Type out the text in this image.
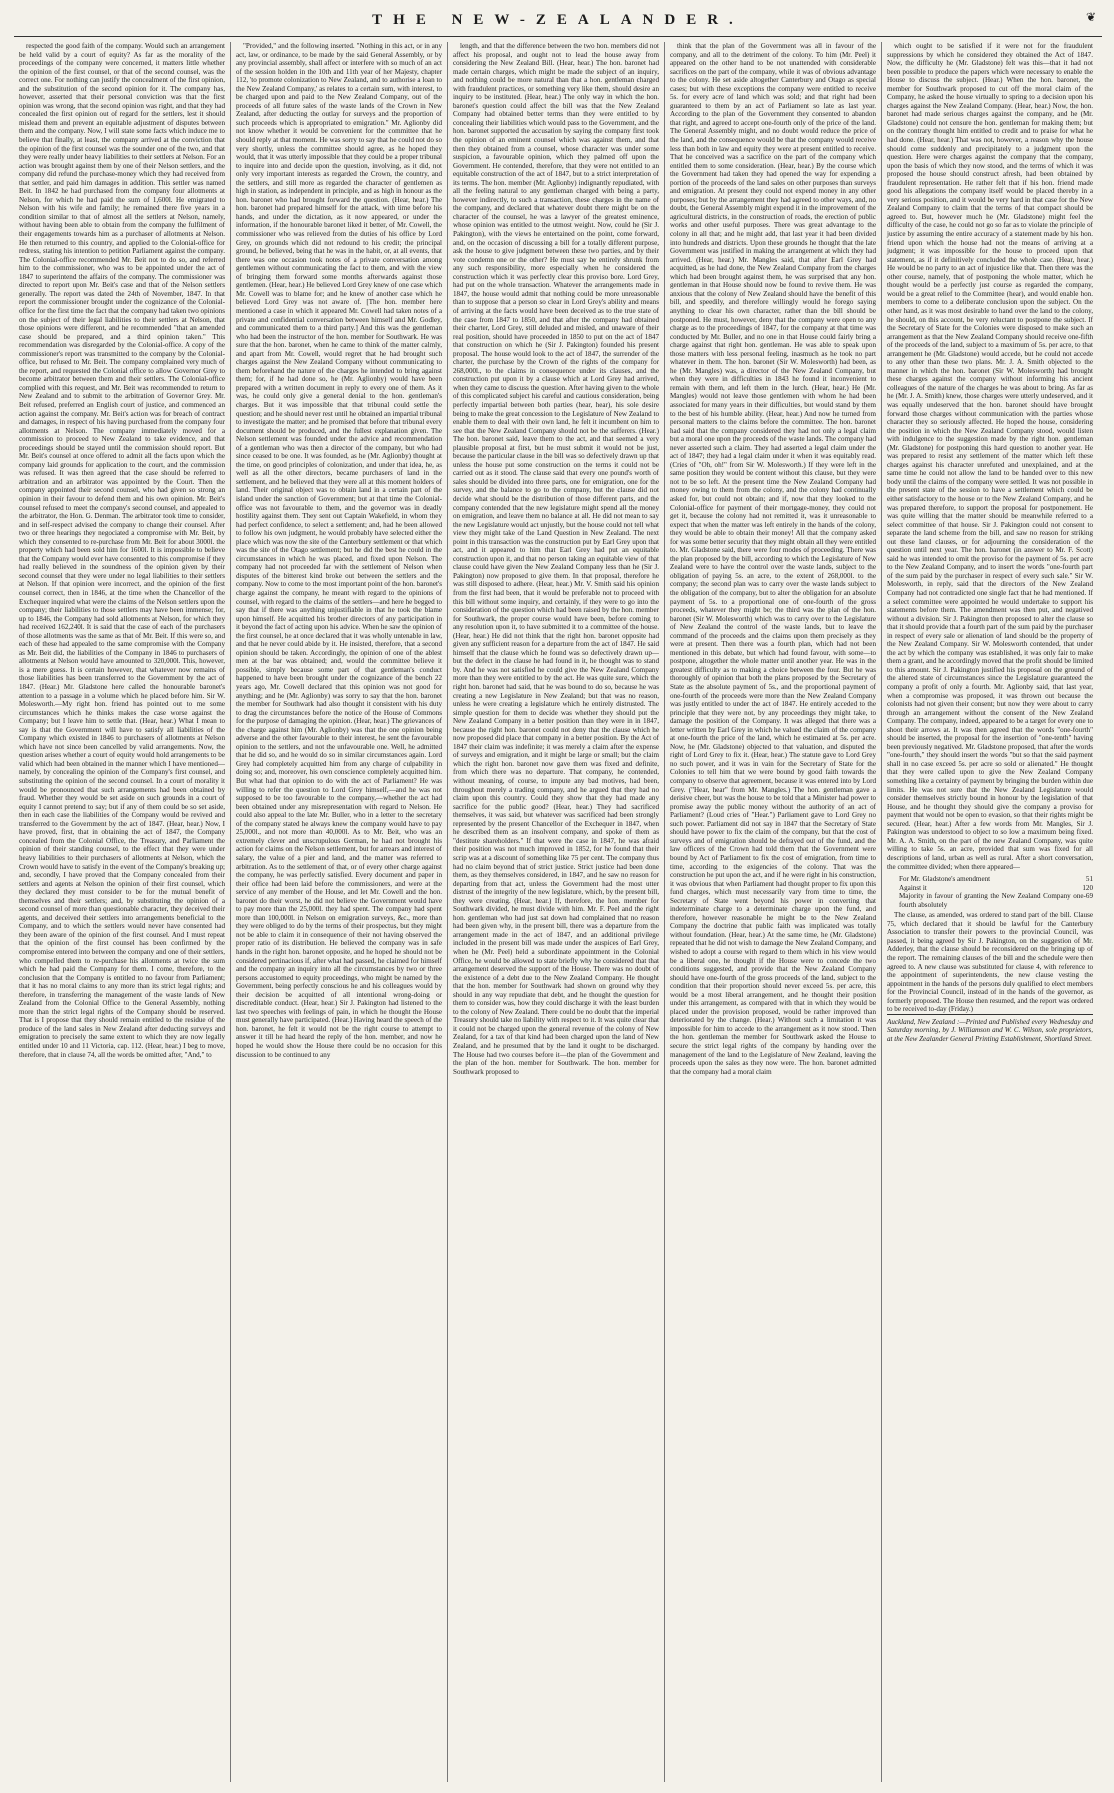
THE NEW-ZEALANDER.	❦

respected the good faith of the company. Would such an arrangement be held valid by a court of equity? As far as the morality of the proceedings of the company were concerned, it matters little whether the opinion of the first counsel, or that of the second counsel, was the correct one. For nothing can justify the concealment of the first opinion, and the substitution of the second opinion for it. The company has, however, asserted that their personal conviction was that the first opinion was wrong, that the second opinion was right, and that they had concealed the first opinion out of regard for the settlers, lest it should mislead them and prevent an equitable adjustment of disputes between them and the company. Now, I will state some facts which induce me to believe that finally, at least, the company arrived at the conviction that the opinion of the first counsel was the sounder one of the two, and that they were really under heavy liabilities to their settlers at Nelson. For an action was brought against them by one of their Nelson settlers, and the company did refund the purchase-money which they had received from that settler, and paid him damages in addition. This settler was named Beit. In 1842 he had purchased from the company four allotments at Nelson, for which he had paid the sum of 1,600l. He emigrated to Nelson with his wife and family; he remained there five years in a condition similar to that of almost all the settlers at Nelson, namely, without having been able to obtain from the company the fulfilment of their engagements towards him as a purchaser of allotments at Nelson. He then returned to this country, and applied to the Colonial-office for redress, stating his intention to petition Parliament against the company. The Colonial-office recommended Mr. Beit not to do so, and referred him to the commissioner, who was to be appointed under the act of 1847 to superintend the affairs of the company. The commissioner was directed to report upon Mr. Beit's case and that of the Nelson settlers generally. The report was dated the 24th of November, 1847. In that report the commissioner brought under the cognizance of the Colonial-office for the first time the fact that the company had taken two opinions on the subject of their legal liabilities to their settlers at Nelson, that those opinions were different, and he recommended "that an amended case should be prepared, and a third opinion taken." This recommendation was disregarded by the Colonial-office. A copy of the commissioner's report was transmitted to the company by the Colonial-office, but refused to Mr. Beit. The company complained very much of the report, and requested the Colonial office to allow Governor Grey to become arbitrator between them and their settlers. The Colonial-office complied with this request, and Mr. Beit was recommended to return to New Zealand and to submit to the arbitration of Governor Grey. Mr. Beit refused, preferred an English court of justice, and commenced an action against the company. Mr. Beit's action was for breach of contract and damages, in respect of his having purchased from the company four allotments at Nelson. The company immediately moved for a commission to proceed to New Zealand to take evidence, and that proceedings should be stayed until the commission should report. But Mr. Beit's counsel at once offered to admit all the facts upon which the company laid grounds for application to the court, and the commission was refused. It was then agreed that the case should be referred to arbitration and an arbitrator was appointed by the Court. Then the company appointed their second counsel, who had given so strong an opinion in their favour to defend them and his own opinion. Mr. Beit's counsel refused to meet the company's second counsel, and appealed to the arbitrator, the Hon. G. Denman. The arbitrator took time to consider, and in self-respect advised the company to change their counsel. After two or three hearings they negociated a compromise with Mr. Beit, by which they consented to re-purchase from Mr. Beit for about 3000l. the property which had been sold him for 1600l. It is impossible to believe that the Company would ever have consented to this compromise if they had really believed in the soundness of the opinion given by their second counsel that they were under no legal liabilities to their settlers at Nelson. If that opinion were incorrect, and the opinion of the first counsel correct, then in 1846, at the time when the Chancellor of the Exchequer inquired what were the claims of the Nelson settlers upon the company; their liabilities to those settlers may have been immense; for, up to 1846, the Company had sold allotments at Nelson, for which they had received 162,240l. It is said that the case of each of the purchasers of those allotments was the same as that of Mr. Beit. If this were so, and each of these had appealed to the same compromise with the Company as Mr. Beit did, the liabilities of the Company in 1846 to purchasers of allotments at Nelson would have amounted to 320,000l. This, however, is a mere guess. It is certain however, that whatever now remains of those liabilities has been transferred to the Government by the act of 1847. (Hear.) Mr. Gladstone here called the honourable baronet's attention to a passage in a volume which he placed before him. Sir W. Molesworth.—My right hon. friend has pointed out to me some circumstances which he thinks makes the case worse against the Company; but I leave him to settle that. (Hear, hear.) What I mean to say is that the Government will have to satisfy all liabilities of the Company which existed in 1846 to purchasers of allotments at Nelson which have not since been cancelled by valid arrangements. Now, the question arises whether a court of equity would hold arrangements to be valid which had been obtained in the manner which I have mentioned—namely, by concealing the opinion of the Company's first counsel, and substituting the opinion of the second counsel. In a court of morality it would be pronounced that such arrangements had been obtained by fraud. Whether they would be set aside on such grounds in a court of equity I cannot pretend to say; but if any of them could be so set aside, then in each case the liabilities of the Company would be revived and transferred to the Government by the act of 1847. (Hear, hear.) Now, I have proved, first, that in obtaining the act of 1847, the Company concealed from the Colonial Office, the Treasury, and Parliament the opinion of their standing counsel, to the effect that they were under heavy liabilities to their purchasers of allotments at Nelson, which the Crown would have to satisfy in the event of the Company's breaking up; and, secondly, I have proved that the Company concealed from their settlers and agents at Nelson the opinion of their first counsel, which they declared they must consider to be for the mutual benefit of themselves and their settlers; and, by substituting the opinion of a second counsel of more than questionable character, they deceived their agents, and deceived their settlers into arrangements beneficial to the Company, and to which the settlers would never have consented had they been aware of the opinion of the first counsel. And I must repeat that the opinion of the first counsel has been confirmed by the compromise entered into between the company and one of their settlers, who compelled them to re-purchase his allotments at twice the sum which he had paid the Company for them. I come, therefore, to the conclusion that the Company is entitled to no favour from Parliament; that it has no moral claims to any more than its strict legal rights; and therefore, in transferring the management of the waste lands of New Zealand from the Colonial Office to the General Assembly, nothing more than the strict legal rights of the Company should be reserved. That is I propose that they should remain entitled to the residue of the produce of the land sales in New Zealand after deducting surveys and emigration to precisely the same extent to which they are now legally entitled under 10 and 11 Victoria, cap. 112. (Hear, hear.) I beg to move, therefore, that in clause 74, all the words be omitted after, "And," to

"Provided," and the following inserted. "Nothing in this act, or in any act, law, or ordinance, to be made by the said General Assembly, or by any provincial assembly, shall affect or interfere with so much of an act of the session holden in the 10th and 11th year of her Majesty, chapter 112, 'to promote colonization to New Zealand, and to authorise a loan to the New Zealand Company,' as relates to a certain sum, with interest, to be charged upon and paid to the New Zealand Company, out of the proceeds of all future sales of the waste lands of the Crown in New Zealand, after deducting the outlay for surveys and the proportion of such proceeds which is appropriated to emigration." Mr. Aglionby did not know whether it would be convenient for the committee that he should reply at that moment. He was sorry to say that he could not do so very shortly, unless the committee should agree, as he hoped they would, that it was utterly impossible that they could be a proper tribunal to inquire into and decide upon the question, involving, as it did, not only very important interests as regarded the Crown, the country, and the settlers, and still more as regarded the character of gentlemen as high in station, as independent in principle, and as high in honour as the hon. baronet who had brought forward the question. (Hear, hear.) The hon. baronet had prepared himself for the attack, with time before his hands, and under the dictation, as it now appeared, or under the information, if the honourable baronet liked it better, of Mr. Cowell, the commissioner who was relieved from the duties of his office by Lord Grey, on grounds which did not redound to his credit; the principal ground, he believed, being that he was in the habit, or, at all events, that there was one occasion took notes of a private conversation among gentlemen without communicating the fact to them, and with the view of bringing them forward some months afterwards against those gentlemen. (Hear, hear.) He believed Lord Grey knew of one case which Mr. Cowell was to blame for; and he knew of another case which he believed Lord Grey was not aware of. [The hon. member here mentioned a case in which it appeared Mr. Cowell had taken notes of a private and confidential conversation between himself and Mr. Godley, and communicated them to a third party.] And this was the gentleman who had been the instructor of the hon. member for Southwark. He was sure that the hon. baronet, when he came to think of the matter calmly, and apart from Mr. Cowell, would regret that he had brought such charges against the New Zealand Company without communicating to them beforehand the nature of the charges he intended to bring against them; for, if he had done so, he (Mr. Aglionby) would have been prepared with a written document in reply to every one of them. As it was, he could only give a general denial to the hon. gentleman's charges. But it was impossible that that tribunal could settle the question; and he should never rest until he obtained an impartial tribunal to investigate the matter; and he promised that before that tribunal every document should be produced, and the fullest explanation given. The Nelson settlement was founded under the advice and recommendation of a gentleman who was then a director of the company, but who had since ceased to be one. It was founded, as he (Mr. Aglionby) thought at the time, on good principles of colonization, and under that idea, he, as well as all the other directors, became purchasers of land in the settlement, and he believed that they were all at this moment holders of land. Their original object was to obtain land in a certain part of the island under the sanction of Government; but at that time the Colonial-office was not favourable to them, and the governor was in deadly hostility against them. They sent out Captain Wakefield, in whom they had perfect confidence, to select a settlement; and, had he been allowed to follow his own judgment, he would probably have selected either the place which was now the site of the Canterbury settlement or that which was the site of the Otago settlement; but he did the best he could in the circumstances in which he was placed, and fixed upon Nelson. The company had not proceeded far with the settlement of Nelson when disputes of the bitterest kind broke out between the settlers and the company. Now to come to the most important point of the hon. baronet's charge against the company, he meant with regard to the opinions of counsel, with regard to the claims of the settlers—and here he begged to say that if there was anything unjustifiable in that he took the blame upon himself. He acquitted his brother directors of any participation in it beyond the fact of acting upon his advice. When he saw the opinion of the first counsel, he at once declared that it was wholly untenable in law, and that he never could abide by it. He insisted, therefore, that a second opinion should be taken. Accordingly, the opinion of one of the ablest men at the bar was obtained; and, would the committee believe it possible, simply because some part of that gentleman's conduct happened to have been brought under the cognizance of the bench 22 years ago, Mr. Cowell declared that this opinion was not good for anything; and he (Mr. Aglionby) was sorry to say that the hon. baronet the member for Southwark had also thought it consistent with his duty to drag the circumstances before the notice of the House of Commons for the purpose of damaging the opinion. (Hear, hear.) The grievances of the charge against him (Mr. Aglionby) was that the one opinion being adverse and the other favourable to their interest, he sent the favourable opinion to the settlers, and not the unfavourable one. Well, he admitted that he did so, and he would do so in similar circumstances again. Lord Grey had completely acquitted him from any charge of culpability in doing so; and, moreover, his own conscience completely acquitted him. But what had that opinion to do with the act of Parliament? He was willing to refer the question to Lord Grey himself,—and he was not supposed to be too favourable to the company,—whether the act had been obtained under any misrepresentation with regard to Nelson. He could also appeal to the late Mr. Buller, who in a letter to the secretary of the company stated he always knew the company would have to pay 25,000l., and not more than 40,000l. As to Mr. Beit, who was an extremely clever and unscrupulous German, he had not brought his action for claims on the Nelson settlement, but for arrears and interest of salary, the value of a pier and land, and the matter was referred to arbitration. As to the settlement of that, or of every other charge against the company, he was perfectly satisfied. Every document and paper in their office had been laid before the commissioners, and were at the service of any member of the House, and let Mr. Cowell and the hon. baronet do their worst, he did not believe the Government would have to pay more than the 25,000l. they had spent. The company had spent more than 100,000l. in Nelson on emigration surveys, &c., more than they were obliged to do by the terms of their prospectus, but they might not be able to claim it in consequence of their not having observed the proper ratio of its distribution. He believed the company was in safe hands in the right hon. baronet opposite, and he hoped he should not be considered pertinacious if, after what had passed, he claimed for himself and the company an inquiry into all the circumstances by two or three persons accustomed to equity proceedings, who might be named by the Government, being perfectly conscious he and his colleagues would by their decision be acquitted of all intentional wrong-doing or discreditable conduct. (Hear, hear.) Sir J. Pakington had listened to the last two speeches with feelings of pain, in which he thought the House must generally have participated. (Hear.) Having heard the speech of the hon. baronet, he felt it would not be the right course to attempt to answer it till he had heard the reply of the hon. member, and now he hoped he would show the House there could be no occasion for this discussion to be continued to any

length, and that the difference between the two hon. members did not affect his proposal, and ought not to lead the house away from considering the New Zealand Bill. (Hear, hear.) The hon. baronet had made certain charges, which might be made the subject of an inquiry, and nothing could be more natural than that a hon. gentleman charged with fraudulent practices, or something very like them, should desire an inquiry to be instituted. (Hear, hear.) The only way in which the hon. baronet's question could affect the bill was that the New Zealand Company had obtained better terms than they were entitled to by concealing their liabilities which would pass to the Government, and the hon. baronet supported the accusation by saying the company first took the opinion of an eminent counsel which was against them, and that then they obtained from a counsel, whose character was under some suspicion, a favourable opinion, which they palmed off upon the Government. He contended, therefore, that they were not entitled to an equitable construction of the act of 1847, but to a strict interpretation of its terms. The hon. member (Mr. Aglionby) indignantly repudiated, with all the feeling natural to any gentleman charged with being a party, however indirectly, to such a transaction, these charges in the name of the company, and declared that whatever doubt there might be on the character of the counsel, he was a lawyer of the greatest eminence, whose opinion was entitled to the utmost weight. Now, could he (Sir J. Pakington), with the views he entertained on the point, come forward, and, on the occasion of discussing a bill for a totally different purpose, ask the house to give judgment between these two parties, and by their vote condemn one or the other? He must say he entirely shrunk from any such responsibility, more especially when he considered the construction which it was perfectly clear this proviso bore. Lord Grey, had put on the whole transaction. Whatever the arrangements made in 1847, the house would admit that nothing could be more unreasonable than to suppose that a person so clear in Lord Grey's ability and means of arriving at the facts would have been deceived as to the true state of the case from 1847 to 1850, and that after the company had obtained their charter, Lord Grey, still deluded and misled, and unaware of their real position, should have proceeded in 1850 to put on the act of 1847 that construction on which he (Sir J. Pakington) founded his present proposal. The house would look to the act of 1847, the surrender of the charter, the purchase by the Crown of the rights of the company for 268,000l., to the claims in consequence under its clauses, and the construction put upon it by a clause which at Lord Grey had arrived, when they came to discuss the question. After having given to the whole of this complicated subject his careful and cautious consideration, being perfectly impartial between both parties (hear, hear), his sole desire being to make the great concession to the Legislature of New Zealand to enable them to deal with their own land, he felt it incumbent on him to see that the New Zealand Company should not be the sufferers. (Hear.) The hon. baronet said, leave them to the act, and that seemed a very plausible proposal at first, but he must submit it would not be just, because the particular clause in the bill was so defectively drawn up that unless the house put some construction on the terms it could not be carried out as it stood. The clause said that every one pound's worth of sales should be divided into three parts, one for emigration, one for the survey, and the balance to go to the company, but the clause did not decide what should be the distribution of those different parts, and the company contended that the new legislature might spend all the money on emigration, and leave them no balance at all. He did not mean to say the new Legislature would act unjustly, but the house could not tell what view they might take of the Land Question in New Zealand. The next point in this transaction was the construction put by Earl Grey upon that act, and it appeared to him that Earl Grey had put an equitable construction upon it, and that no person taking an equitable view of that clause could have given the New Zealand Company less than he (Sir J. Pakington) now proposed to give them. In that proposal, therefore he was still disposed to adhere. (Hear, hear.) Mr. V. Smith said his opinion from the first had been, that it would be preferable not to proceed with this bill without some inquiry, and certainly, if they were to go into the consideration of the question which had been raised by the hon. member for Southwark, the proper course would have been, before coming to any resolution upon it, to have submitted it to a committee of the house. (Hear, hear.) He did not think that the right hon. baronet opposite had given any sufficient reason for a departure from the act of 1847. He said himself that the clause which he found was so defectively drawn up—but the defect in the clause he had found in it, he thought was to stand by. And he was not satisfied he could give the New Zealand Company more than they were entitled to by the act. He was quite sure, which the right hon. baronet had said, that he was bound to do so, because he was creating a new Legislature in New Zealand; but that was no reason, unless he were creating a legislature which he entirely distrusted. The simple question for them to decide was whether they should put the New Zealand Company in a better position than they were in in 1847, because the right hon. baronet could not deny that the clause which he now proposed did place that company in a better position. By the Act of 1847 their claim was indefinite; it was merely a claim after the expense of surveys and emigration, and it might be large or small; but the claim which the right hon. baronet now gave them was fixed and definite, from which there was no departure. That company, he contended, without meaning, of course, to impute any bad motives, had been, throughout merely a trading company, and he argued that they had no claim upon this country. Could they show that they had made any sacrifice for the public good? (Hear, hear.) They had sacrificed themselves, it was said, but whatever was sacrificed had been strongly represented by the present Chancellor of the Exchequer in 1847, when he described them as an insolvent company, and spoke of them as "destitute shareholders." If that were the case in 1847, he was afraid their position was not much improved in 1852, for he found that their scrip was at a discount of something like 75 per cent. The company thus had no claim beyond that of strict justice. Strict justice had been done them, as they themselves considered, in 1847, and he saw no reason for departing from that act, unless the Government had the most utter distrust of the integrity of the new legislature, which, by the present bill, they were creating. (Hear, hear.) If, therefore, the hon. member for Southwark divided, he must divide with him. Mr. F. Peel and the right hon. gentleman who had just sat down had complained that no reason had been given why, in the present bill, there was a departure from the arrangement made in the act of 1847, and an additional privilege included in the present bill was made under the auspices of Earl Grey, when he (Mr. Peel) held a subordinate appointment in the Colonial Office, he would be allowed to state briefly why he considered that that arrangement deserved the support of the House. There was no doubt of the existence of a debt due to the New Zealand Company. He thought that the hon. member for Southwark had shown on ground why they should in any way repudiate that debt, and he thought the question for them to consider was, how they could discharge it with the least burden to the colony of New Zealand. There could be no doubt that the imperial Treasury should take no liability with respect to it. It was quite clear that it could not be charged upon the general revenue of the colony of New Zealand, for a tax of that kind had been charged upon the land of New Zealand, and he presumed that by the land it ought to be discharged. The House had two courses before it—the plan of the Government and the plan of the hon. member for Southwark. The hon. member for Southwark proposed to

think that the plan of the Government was all in favour of the company, and all to the detriment of the colony. To him (Mr. Peel) it appeared on the other hand to be not unattended with considerable sacrifices on the part of the company, while it was of obvious advantage to the colony. He set aside altogether Canterbury and Otago as special cases; but with these exceptions the company were entitled to receive 5s. for every acre of land which was sold; and that right had been guaranteed to them by an act of Parliament so late as last year. According to the plan of the Government they consented to abandon that right, and agreed to accept one-fourth only of the price of the land. The General Assembly might, and no doubt would reduce the price of the land, and the consequence would be that the company would receive less than both in law and equity they were at present entitled to receive. That he conceived was a sacrifice on the part of the company which entitled them to some consideration. (Hear, hear.) By the course which the Government had taken they had opened the way for expending a portion of the proceeds of the land sales on other purposes than surveys and emigration. At present they could not expend money in any other purposes; but by the arrangement they had agreed to other ways, and, no doubt, the General Assembly might expend it in the improvement of the agricultural districts, in the construction of roads, the erection of public works and other useful purposes. There was great advantage to the colony in all that; and he might add, that last year it had been divided into hundreds and districts. Upon these grounds he thought that the late Government was justified in making the arrangement at which they had arrived. (Hear, hear.) Mr. Mangles said, that after Earl Grey had acquitted, as he had done, the New Zealand Company from the charges which had been brought against them, he was surprised that any hon. gentleman in that House should now be found to revive them. He was anxious that the colony of New Zealand should have the benefit of this bill, and speedily, and therefore willingly would he forego saying anything to clear his own character, rather than the bill should be postponed. He must, however, deny that the company were open to any charge as to the proceedings of 1847, for the company at that time was conducted by Mr. Buller, and no one in that House could fairly bring a charge against that right hon. gentleman. He was able to speak upon those matters with less personal feeling, inasmuch as he took no part whatever in them. The hon. baronet (Sir W. Molesworth) had been, as he (Mr. Mangles) was, a director of the New Zealand Company, but when they were in difficulties in 1843 he found it inconvenient to remain with them, and left them in the lurch. (Hear, hear.) He (Mr. Mangles) would not leave those gentlemen with whom he had been associated for many years in their difficulties, but would stand by them to the best of his humble ability. (Hear, hear.) And now he turned from personal matters to the claims before the committee. The hon. baronet had said that the company considered they had not only a legal claim but a moral one upon the proceeds of the waste lands. The company had never asserted such a claim. They had asserted a legal claim under the act of 1847; they had a legal claim under it when it was equitably read. (Cries of "Oh, oh!" from Sir W. Molesworth.) If they were left in the same position they would be content without this clause, but they were not to be so left. At the present time the New Zealand Company had money owing to them from the colony, and the colony had continually asked for, but could not obtain; and if, now that they looked to the Colonial-office for payment of their mortgage-money, they could not get it, because the colony had not remitted it, was it unreasonable to expect that when the matter was left entirely in the hands of the colony, they would be able to obtain their money! All that the company asked for was some better security that they might obtain all they were entitled to. Mr. Gladstone said, there were four modes of proceeding. There was the plan proposed by the bill, according to which the Legislature of New Zealand were to have the control over the waste lands, subject to the obligation of paying 5s. an acre, to the extent of 268,000l. to the company; the second plan was to carry over the waste lands subject to the obligation of the company, but to alter the obligation for an absolute payment of 5s. to a proportional one of one-fourth of the gross proceeds, whatever they might be; the third was the plan of the hon. baronet (Sir W. Molesworth) which was to carry over to the Legislature of New Zealand the control of the waste lands, but to leave the command of the proceeds and the claims upon them precisely as they were at present. Then there was a fourth plan, which had not been mentioned in this debate, but which had found favour, with some—to postpone, altogether the whole matter until another year. He was in the greatest difficulty as to making a choice between the four. But he was thoroughly of opinion that both the plans proposed by the Secretary of State as the absolute payment of 5s., and the proportional payment of one-fourth of the proceeds were more than the New Zealand Company was justly entitled to under the act of 1847. He entirely acceded to the principle that they were not, by any proceedings they might take, to damage the position of the Company. It was alleged that there was a letter written by Earl Grey in which he valued the claim of the company at one-fourth the price of the land, which he estimated at 5s. per acre. Now, he (Mr. Gladstone) objected to that valuation, and disputed the right of Lord Grey to fix it. (Hear, hear.) The statute gave to Lord Grey no such power, and it was in vain for the Secretary of State for the Colonies to tell him that we were bound by good faith towards the company to observe that agreement, because it was entered into by Lord Grey. ("Hear, hear" from Mr. Mangles.) The hon. gentleman gave a derisive cheer, but was the house to be told that a Minister had power to promise away the public money without the authority of an act of Parliament? (Loud cries of "Hear.") Parliament gave to Lord Grey no such power. Parliament did not say in 1847 that the Secretary of State should have power to fix the claim of the company, but that the cost of surveys and of emigration should be defrayed out of the fund, and the law officers of the Crown had told them that the Government were bound by Act of Parliament to fix the cost of emigration, from time to time, according to the exigencies of the colony. That was the construction he put upon the act, and if he were right in his construction, it was obvious that when Parliament had thought proper to fix upon this fund charges, which must necessarily vary from time to time, the Secretary of State went beyond his power in converting that indeterminate charge to a determinate charge upon the fund, and therefore, however reasonable he might be to the New Zealand Company the doctrine that public faith was implicated was totally without foundation. (Hear, hear.) At the same time, he (Mr. Gladstone) repeated that he did not wish to damage the New Zealand Company, and wished to adopt a course with regard to them which in his view would be a liberal one, he thought if the House were to concede the two conditions suggested, and provide that the New Zealand Company should have one-fourth of the gross proceeds of the land, subject to the condition that their proportion should never exceed 5s. per acre, this would be a most liberal arrangement, and he thought their position under this arrangement, as compared with that in which they would be placed under the provision proposed, would be rather improved than deteriorated by the change. (Hear.) Without such a limitation it was impossible for him to accede to the arrangement as it now stood. Then the hon. gentleman the member for Southwark asked the House to secure the strict legal rights of the company by handing over the management of the land to the Legislature of New Zealand, leaving the proceeds upon the sales as they now were. The hon. baronet admitted that the company had a moral claim

which ought to be satisfied if it were not for the fraudulent suppressions by which he considered they obtained the Act of 1847. Now, the difficulty he (Mr. Gladstone) felt was this—that it had not been possible to produce the papers which were necessary to enable the House to discuss the subject. (Hear.) When the hon. baronet, the member for Southwark proposed to cut off the moral claim of the Company, he asked the house virtually to spring to a decision upon his charges against the New Zealand Company. (Hear, hear.) Now, the hon. baronet had made serious charges against the company, and he (Mr. Gladstone) could not censure the hon. gentleman for making them; but on the contrary thought him entitled to credit and to praise for what he had done. (Hear, hear.) That was not, however, a reason why the house should come suddenly and precipitately to a judgment upon the question. Here were charges against the company that the company, upon the basis of which they now stood, and the terms of which it was proposed the house should construct afresh, had been obtained by fraudulent representation. He rather felt that if his hon. friend made good his allegations the company itself would be placed thereby in a very serious position, and it would be very hard in that case for the New Zealand Company to claim that the terms of that compact should be agreed to. But, however much he (Mr. Gladstone) might feel the difficulty of the case, he could not go so far as to violate the principle of justice by assuming the entire accuracy of a statement made by his hon. friend upon which the house had not the means of arriving at a judgment; it was impossible for the house to proceed upon that statement, as if it definitively concluded the whole case. (Hear, hear.) He would be no party to an act of injustice like that. Then there was the other course, namely, that of postponing the whole matter, which he thought would be a perfectly just course as regarded the company, would be a great relief to the Committee (hear), and would enable hon. members to come to a deliberate conclusion upon the subject. On the other hand, as it was most desirable to hand over the land to the colony, he should, on this account, be very reluctant to postpone the subject. If the Secretary of State for the Colonies were disposed to make such an arrangement as that the New Zealand Company should receive one-fifth of the proceeds of the land, subject to a maximum of 5s. per acre, to that arrangement he (Mr. Gladstone) would accede, but he could not accede to any other than these two plans. Mr. J. A. Smith objected to the manner in which the hon. baronet (Sir W. Molesworth) had brought these charges against the company without informing his ancient colleagues of the nature of the charges he was about to bring. As far as he (Mr. J. A. Smith) knew, those charges were utterly undeserved, and it was equally undeserved that the hon. baronet should have brought forward those charges without communication with the parties whose character they so seriously affected. He hoped the house, considering the position in which the New Zealand Company stood, would listen with indulgence to the suggestion made by the right hon. gentleman (Mr. Gladstone) for postponing this hard question to another year. He was prepared to resist any settlement of the matter which left these charges against his character unrefuted and unexplained, and at the same time he could not allow the land to be handed over to this new body until the claims of the company were settled. It was not possible in the present state of the session to have a settlement which could be either satisfactory to the house or to the New Zealand Company, and he was prepared therefore, to support the proposal for postponement. He was quite willing that the matter should be meanwhile referred to a select committee of that house. Sir J. Pakington could not consent to separate the land scheme from the bill, and saw no reason for striking out these land clauses, or for adjourning the consideration of the question until next year. The hon. baronet (in answer to Mr. F. Scott) said he was intended to omit the proviso for the payment of 5s. per acre to the New Zealand Company, and to insert the words "one-fourth part of the sum paid by the purchaser in respect of every such sale." Sir W. Molesworth, in reply, said that the directors of the New Zealand Company had not contradicted one single fact that he had mentioned. If a select committee were appointed he would undertake to support his statements before them. The amendment was then put, and negatived without a division. Sir J. Pakington then proposed to alter the clause so that it should provide that a fourth part of the sum paid by the purchaser in respect of every sale or alienation of land should be the property of the New Zealand Company. Sir W. Molesworth contended, that under the act by which the company was established, it was only fair to make them a grant, and he accordingly moved that the profit should be limited to this amount. Sir J. Pakington justified his proposal on the ground of the altered state of circumstances since the Legislature guaranteed the company a profit of only a fourth. Mr. Aglionby said, that last year, when a compromise was proposed, it was thrown out because the colonists had not given their consent; but now they were about to carry through an arrangement without the consent of the New Zealand Company. The company, indeed, appeared to be a target for every one to shoot their arrows at. It was then agreed that the words "one-fourth" should be inserted, the proposal for the insertion of "one-tenth" having been previously negatived. Mr. Gladstone proposed, that after the words "one-fourth," they should insert the words "but so that the said payment shall in no case exceed 5s. per acre so sold or alienated." He thought that they were called upon to give the New Zealand Company something like a certainty of payment by bringing the burden within due limits. He was not sure that the New Zealand Legislature would consider themselves strictly bound in honour by the legislation of that House, and he thought they should give the company a proviso for payment that would not be open to evasion, so that their rights might be secured. (Hear, hear.) After a few words from Mr. Mangles, Sir J. Pakington was understood to object to so low a maximum being fixed. Mr. A. A. Smith, on the part of the new Zealand Company, was quite willing to take 5s. an acre, provided that sum was fixed for all descriptions of land, urban as well as rural. After a short conversation, the committee divided; when there appeared—

For Mr. Gladstone's amendment	51
Against it	120
Majority in favour of granting the New Zealand Company one-fourth absolutely
69

The clause, as amended, was ordered to stand part of the bill. Clause 75, which declared that it should be lawful for the Canterbury Association to transfer their powers to the provincial Council, was passed, it being agreed by Sir J. Pakington, on the suggestion of Mr. Adderley, that the clause should be reconsidered on the bringing up of the report. The remaining clauses of the bill and the schedule were then agreed to. A new clause was substituted for clause 4, with reference to the appointment of superintendents, the new clause vesting the appointment in the hands of the persons duly qualified to elect members for the Provincial Council, instead of in the hands of the governor, as formerly proposed. The House then resumed, and the report was ordered to be received to-day (Friday.)

Auckland, New Zealand :—Printed and Published every Wednesday and Saturday morning, by J. Williamson and W. C. Wilson, sole proprietors, at the New Zealander General Printing Establishment, Shortland Street.
